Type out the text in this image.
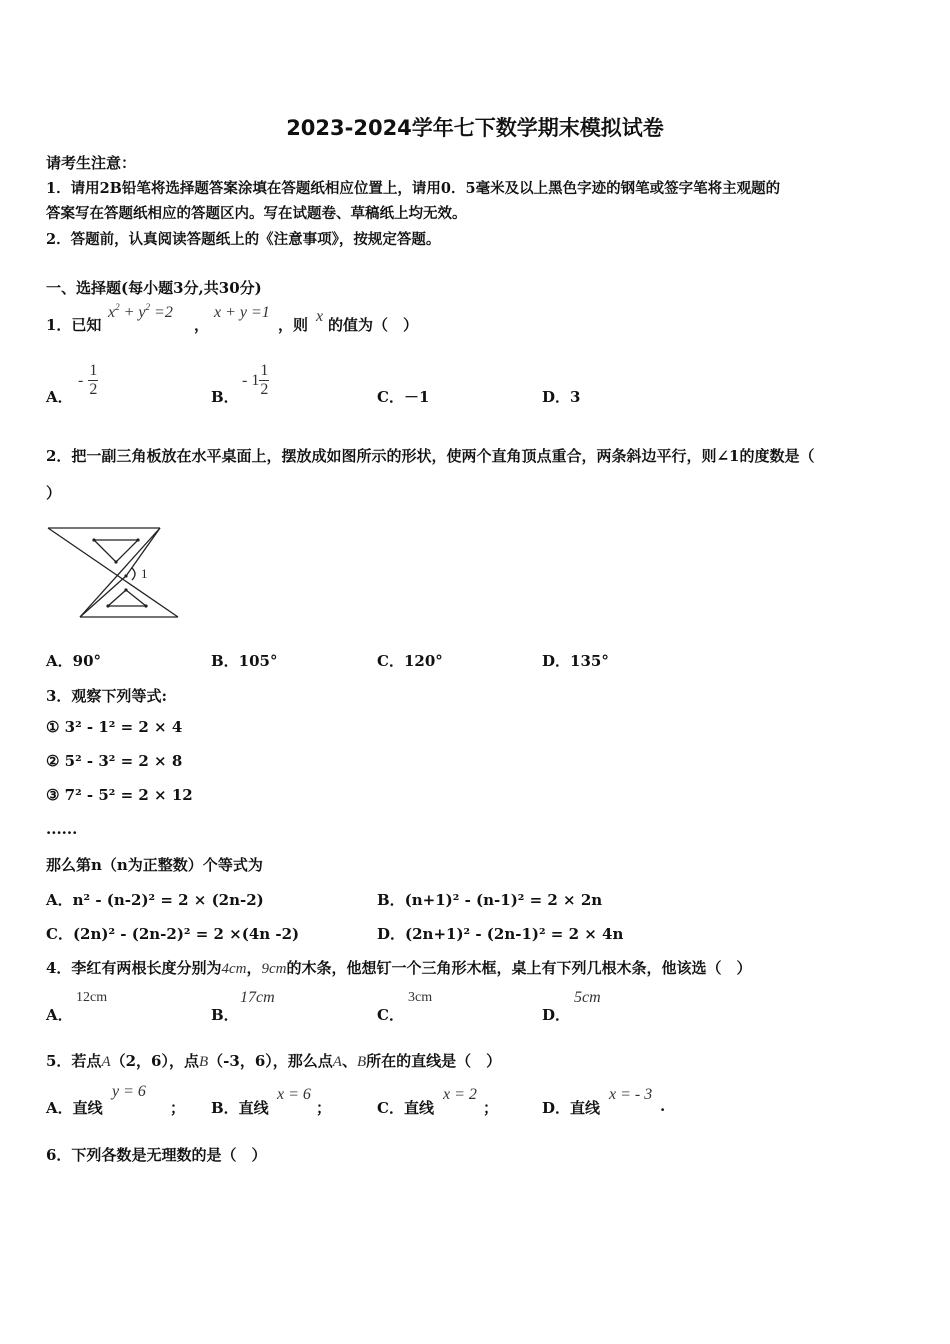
2023-2024学年七下数学期末模拟试卷
请考生注意：
1．请用2B铅笔将选择题答案涂填在答题纸相应位置上，请用0．5毫米及以上黑色字迹的钢笔或签字笔将主观题的
答案写在答题纸相应的答题区内。写在试题卷、草稿纸上均无效。
2．答题前，认真阅读答题纸上的《注意事项》，按规定答题。
一、选择题(每小题3分,共30分)
1．已知
$x^2 + y^2 =2$
，
x + y =1
，则 x 的值为（　）
A．
- $\frac{1}{2}$	B．
- $1 \frac{1}{2}$	C．－1	D．3
2．把一副三角板放在水平桌面上，摆放成如图所示的形状，使两个直角顶点重合，两条斜边平行，则∠1的度数是（
）
1
A．90°	B．105°	C．120°	D．135°
3．观察下列等式:
① 3² - 1² = 2 × 4
② 5² - 3² = 2 × 8
③ 7² - 5² = 2 × 12
......
那么第n（n为正整数）个等式为
A．n² - (n-2)² = 2 × (2n-2)	B．(n+1)² - (n-1)² = 2 × 2n
C．(2n)² - (2n-2)² = 2 ×(4n -2)	D．(2n+1)² - (2n-1)² = 2 × 4n
4．李红有两根长度分别为4cm，9cm的木条，他想钉一个三角形木框，桌上有下列几根木条，他该选（　）
A．
12cm
B．
17cm
C．
3cm
D．
5cm
5．若点A（2，6），点B（-3，6），那么点A、B所在的直线是（　）
A．直线
y = 6
； B．直线
x = 6
；	C．直线
x = 2
；	D．直线
x = - 3
.
6．下列各数是无理数的是（　）
